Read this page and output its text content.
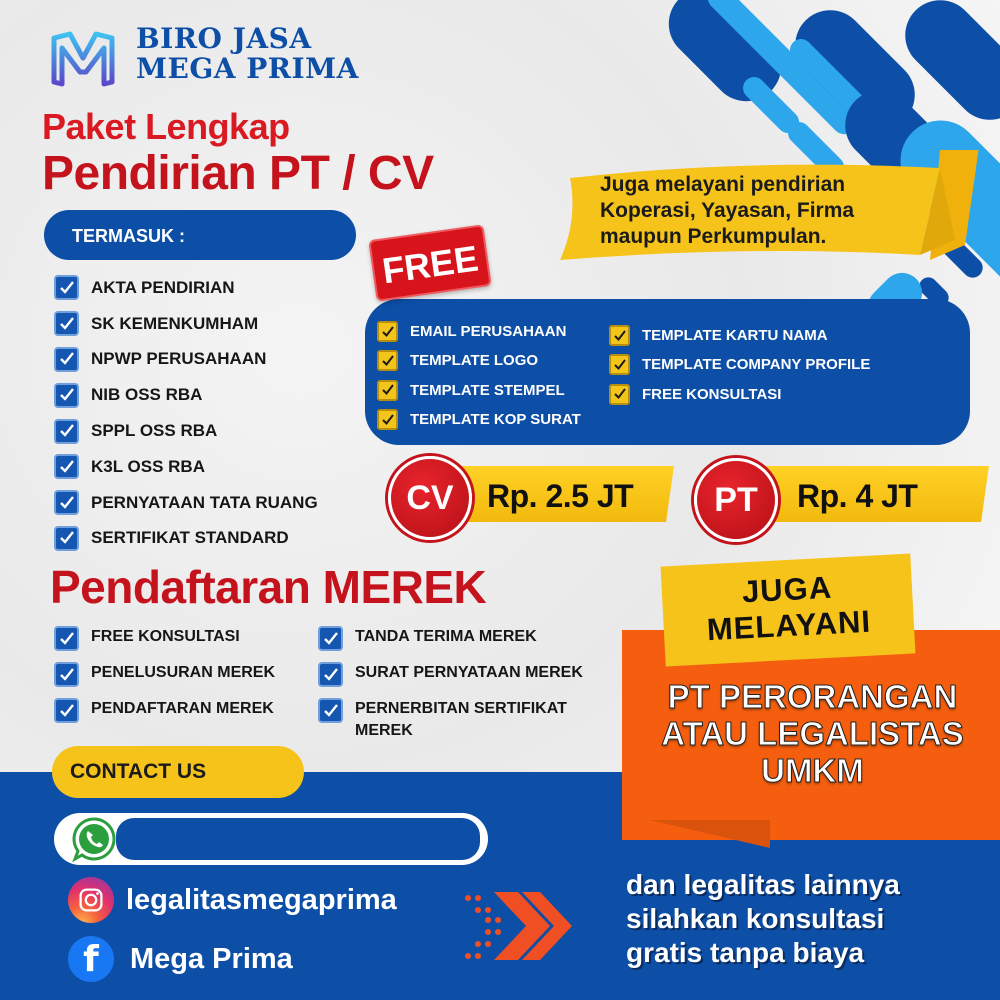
BIRO JASA
MEGA PRIMA
Paket Lengkap
Pendirian PT / CV
TERMASUK :
AKTA PENDIRIAN
SK KEMENKUMHAM
NPWP PERUSAHAAN
NIB OSS RBA
SPPL OSS RBA
K3L OSS RBA
PERNYATAAN TATA RUANG
SERTIFIKAT STANDARD
Juga melayani pendirian
Koperasi, Yayasan, Firma
maupun Perkumpulan.
EMAIL PERUSAHAAN
TEMPLATE LOGO
TEMPLATE STEMPEL
TEMPLATE KOP SURAT
TEMPLATE KARTU NAMA
TEMPLATE COMPANY PROFILE
FREE KONSULTASI
FREE
CV	Rp. 2.5 JT	PT	Rp. 4 JT
Pendaftaran MEREK
FREE KONSULTASI
PENELUSURAN MEREK
PENDAFTARAN MEREK
TANDA TERIMA MEREK
SURAT PERNYATAAN MEREK
PERNERBITAN SERTIFIKAT MEREK
JUGA
MELAYANI
PT PERORANGAN
ATAU LEGALISTAS
UMKM
CONTACT US
legalitasmegaprima
f	Mega Prima
dan legalitas lainnya
silahkan konsultasi
gratis tanpa biaya
